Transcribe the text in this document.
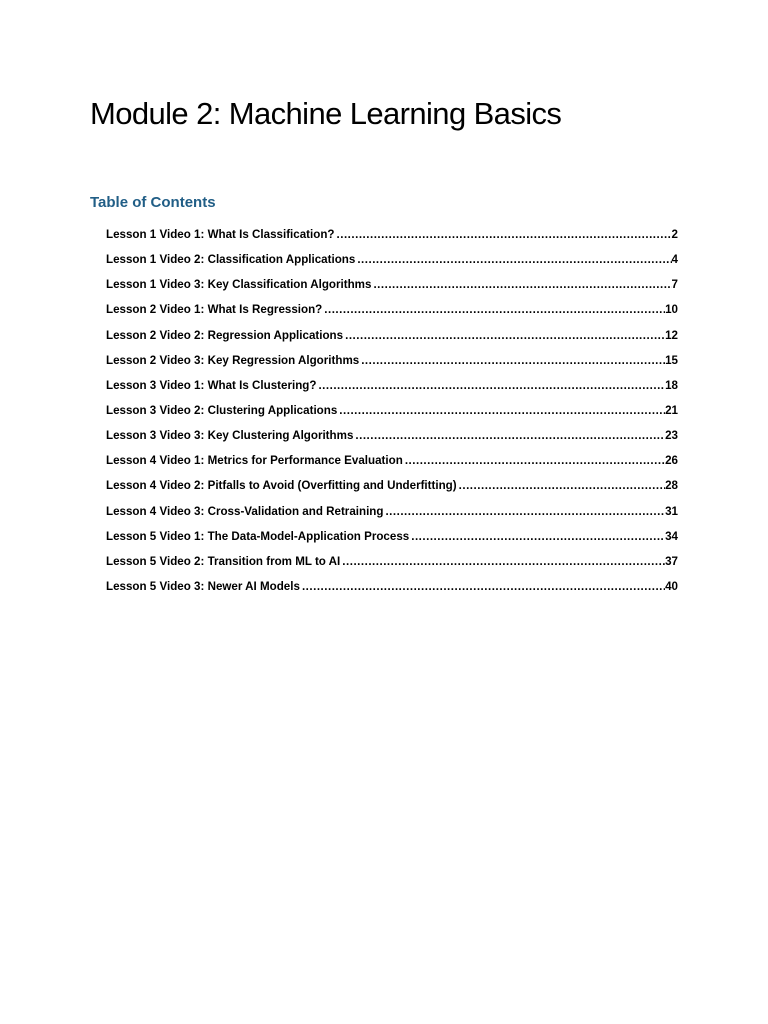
Module 2: Machine Learning Basics
Table of Contents
Lesson 1 Video 1: What Is Classification? .....	2
Lesson 1 Video 2: Classification Applications .....	4
Lesson 1 Video 3: Key Classification Algorithms .....	7
Lesson 2 Video 1: What Is Regression? .....	10
Lesson 2 Video 2: Regression Applications .....	12
Lesson 2 Video 3: Key Regression Algorithms .....	15
Lesson 3 Video 1: What Is Clustering? .....	18
Lesson 3 Video 2: Clustering Applications .....	21
Lesson 3 Video 3: Key Clustering Algorithms .....	23
Lesson 4 Video 1: Metrics for Performance Evaluation .....	26
Lesson 4 Video 2: Pitfalls to Avoid (Overfitting and Underfitting) .....	28
Lesson 4 Video 3: Cross-Validation and Retraining .....	31
Lesson 5 Video 1: The Data-Model-Application Process .....	34
Lesson 5 Video 2: Transition from ML to AI .....	37
Lesson 5 Video 3: Newer AI Models .....	40
